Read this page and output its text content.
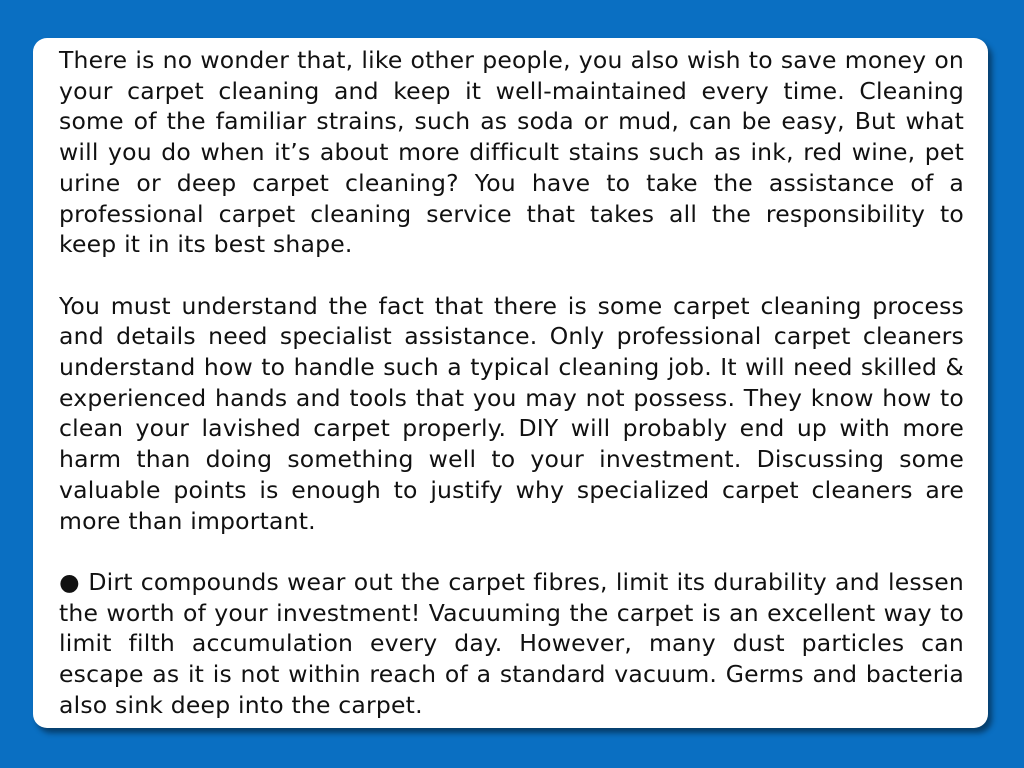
There is no wonder that, like other people, you also wish to save money on your carpet cleaning and keep it well-maintained every time. Cleaning some of the familiar strains, such as soda or mud, can be easy, But what will you do when it’s about more difficult stains such as ink, red wine, pet urine or deep carpet cleaning? You have to take the assistance of a professional carpet cleaning service that takes all the responsibility to keep it in its best shape.

You must understand the fact that there is some carpet cleaning process and details need specialist assistance. Only professional carpet cleaners understand how to handle such a typical cleaning job. It will need skilled & experienced hands and tools that you may not possess. They know how to clean your lavished carpet properly. DIY will probably end up with more harm than doing something well to your investment. Discussing some valuable points is enough to justify why specialized carpet cleaners are more than important.

● Dirt compounds wear out the carpet fibres, limit its durability and lessen the worth of your investment! Vacuuming the carpet is an excellent way to limit filth accumulation every day. However, many dust particles can escape as it is not within reach of a standard vacuum. Germs and bacteria also sink deep into the carpet.
